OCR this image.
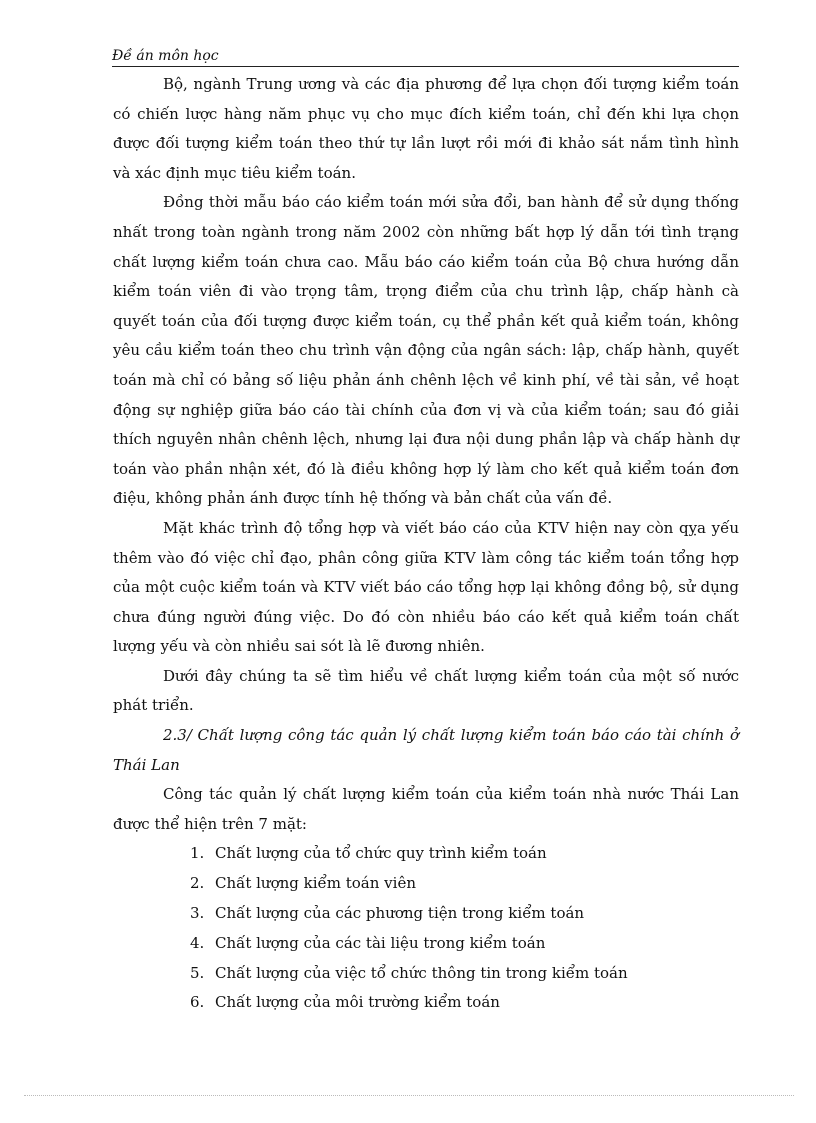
Đề án môn học

Bộ, ngành Trung ương và các địa phương để lựa chọn đối tượng kiểm toán có chiến lược hàng năm phục vụ cho mục đích kiểm toán, chỉ đến khi lựa chọn được đối tượng kiểm toán theo thứ tự lần lượt rồi mới đi khảo sát nắm tình hình và xác định mục tiêu kiểm toán.

Đồng thời mẫu báo cáo kiểm toán mới sửa đổi, ban hành để sử dụng thống nhất trong toàn ngành trong năm 2002 còn những bất hợp lý dẫn tới tình trạng chất lượng kiểm toán chưa cao. Mẫu báo cáo kiểm toán của Bộ chưa hướng dẫn kiểm toán viên đi vào trọng tâm, trọng điểm của chu trình lập, chấp hành cà quyết toán của đối tượng được kiểm toán, cụ thể phần kết quả kiểm toán, không yêu cầu kiểm toán theo chu trình vận động của ngân sách: lập, chấp hành, quyết toán mà chỉ có bảng số liệu phản ánh chênh lệch về kinh phí, về tài sản, về hoạt động sự nghiệp giữa báo cáo tài chính của đơn vị và của kiểm toán; sau đó giải thích nguyên nhân chênh lệch, nhưng lại đưa nội dung phần lập và chấp hành dự toán vào phần nhận xét, đó là điều không hợp lý làm cho kết quả kiểm toán đơn điệu, không phản ánh được tính hệ thống và bản chất của vấn đề.

Mặt khác trình độ tổng hợp và viết báo cáo của KTV hiện nay còn qỵa yếu thêm vào đó việc chỉ đạo, phân công giữa KTV làm công tác kiểm toán tổng hợp của một cuộc kiểm toán và KTV viết báo cáo tổng hợp lại không đồng bộ, sử dụng chưa đúng người đúng việc. Do đó còn nhiều báo cáo kết quả kiểm toán chất lượng yếu và còn nhiều sai sót là lẽ đương nhiên.

Dưới đây chúng ta sẽ tìm hiểu về chất lượng kiểm toán của một số nước phát triển.

2.3/ Chất lượng công tác quản lý chất lượng kiểm toán báo cáo tài chính ở Thái Lan

Công tác quản lý chất lượng kiểm toán của kiểm toán nhà nước Thái Lan được thể hiện trên 7 mặt:

1. Chất lượng của tổ chức quy trình kiểm toán
2. Chất lượng kiểm toán viên
3. Chất lượng của các phương tiện trong kiểm toán
4. Chất lượng của các tài liệu trong kiểm toán
5. Chất lượng của việc tổ chức thông tin trong kiểm toán
6. Chất lượng của môi trường kiểm toán
